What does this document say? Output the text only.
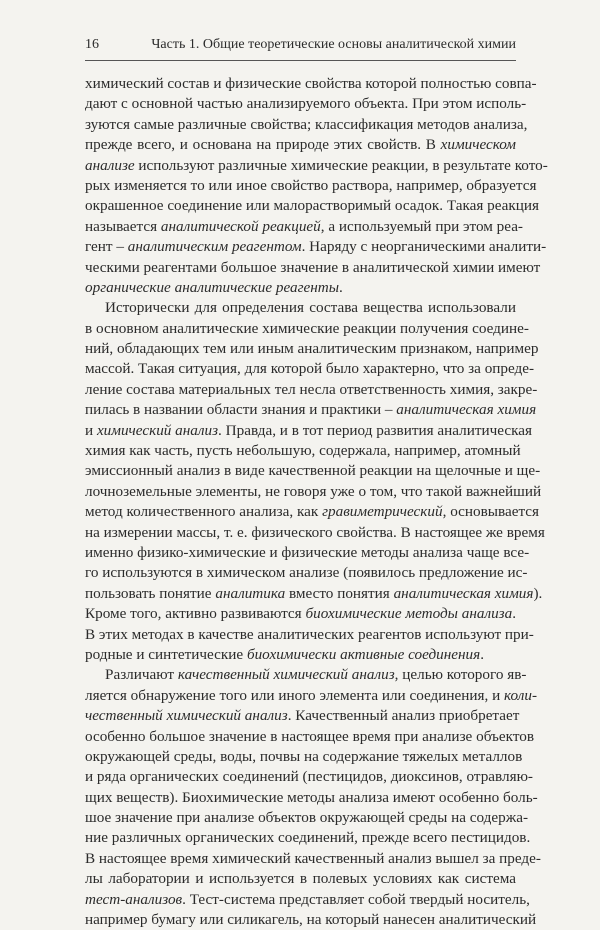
16	Часть 1. Общие теоретические основы аналитической химии
химический состав и физические свойства которой полностью совпа-
дают с основной частью анализируемого объекта. При этом исполь-
зуются самые различные свойства; классификация методов анализа,
прежде всего, и основана на природе этих свойств. В химическом
анализе используют различные химические реакции, в результате кото-
рых изменяется то или иное свойство раствора, например, образуется
окрашенное соединение или малорастворимый осадок. Такая реакция
называется аналитической реакцией, а используемый при этом реа-
гент – аналитическим реагентом. Наряду с неорганическими аналити-
ческими реагентами большое значение в аналитической химии имеют
органические аналитические реагенты.
Исторически для определения состава вещества использовали
в основном аналитические химические реакции получения соедине-
ний, обладающих тем или иным аналитическим признаком, например
массой. Такая ситуация, для которой было характерно, что за опреде-
ление состава материальных тел несла ответственность химия, закре-
пилась в названии области знания и практики – аналитическая химия
и химический анализ. Правда, и в тот период развития аналитическая
химия как часть, пусть небольшую, содержала, например, атомный
эмиссионный анализ в виде качественной реакции на щелочные и ще-
лочноземельные элементы, не говоря уже о том, что такой важнейший
метод количественного анализа, как гравиметрический, основывается
на измерении массы, т. е. физического свойства. В настоящее же время
именно физико-химические и физические методы анализа чаще все-
го используются в химическом анализе (появилось предложение ис-
пользовать понятие аналитика вместо понятия аналитическая химия).
Кроме того, активно развиваются биохимические методы анализа.
В этих методах в качестве аналитических реагентов используют при-
родные и синтетические биохимически активные соединения.
Различают качественный химический анализ, целью которого яв-
ляется обнаружение того или иного элемента или соединения, и коли-
чественный химический анализ. Качественный анализ приобретает
особенно большое значение в настоящее время при анализе объектов
окружающей среды, воды, почвы на содержание тяжелых металлов
и ряда органических соединений (пестицидов, диоксинов, отравляю-
щих веществ). Биохимические методы анализа имеют особенно боль-
шое значение при анализе объектов окружающей среды на содержа-
ние различных органических соединений, прежде всего пестицидов.
В настоящее время химический качественный анализ вышел за преде-
лы лаборатории и используется в полевых условиях как система
тест-анализов. Тест-система представляет собой твердый носитель,
например бумагу или силикагель, на который нанесен аналитический
